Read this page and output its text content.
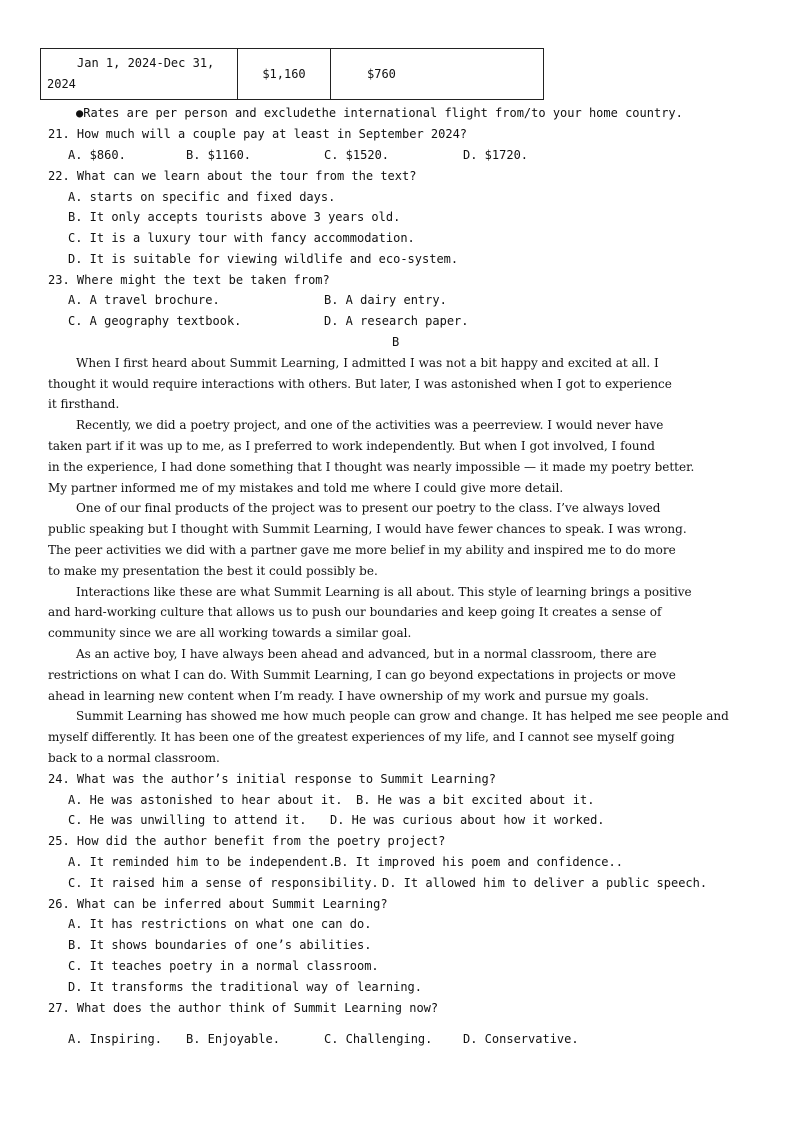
Jan 1, 2024-Dec 31,
2024
	$1,160	$760
●Rates are per person and excludethe international flight from/to your home country.
21. How much will a couple pay at least in September 2024?
A. $860.	B. $1160.	C. $1520.	D. $1720.
22. What can we learn about the tour from the text?
A. starts on specific and fixed days.
B. It only accepts tourists above 3 years old.
C. It is a luxury tour with fancy accommodation.
D. It is suitable for viewing wildlife and eco-system.
23. Where might the text be taken from?
A. A travel brochure.	B. A dairy entry.
C. A geography textbook.	D. A research paper.
B
When I first heard about Summit Learning, I admitted I was not a bit happy and excited at all. I
thought it would require interactions with others. But later, I was astonished when I got to experience
it firsthand.
Recently, we did a poetry project, and one of the activities was a peerreview. I would never have
taken part if it was up to me, as I preferred to work independently. But when I got involved, I found
in the experience, I had done something that I thought was nearly impossible — it made my poetry better.
My partner informed me of my mistakes and told me where I could give more detail.
One of our final products of the project was to present our poetry to the class. I’ve always loved
public speaking but I thought with Summit Learning, I would have fewer chances to speak. I was wrong.
The peer activities we did with a partner gave me more belief in my ability and inspired me to do more
to make my presentation the best it could possibly be.
Interactions like these are what Summit Learning is all about. This style of learning brings a positive
and hard-working culture that allows us to push our boundaries and keep going It creates a sense of
community since we are all working towards a similar goal.
As an active boy, I have always been ahead and advanced, but in a normal classroom, there are
restrictions on what I can do. With Summit Learning, I can go beyond expectations in projects or move
ahead in learning new content when I’m ready. I have ownership of my work and pursue my goals.
Summit Learning has showed me how much people can grow and change. It has helped me see people and
myself differently. It has been one of the greatest experiences of my life, and I cannot see myself going
back to a normal classroom.
24. What was the author’s initial response to Summit Learning?
A. He was astonished to hear about it. B. He was a bit excited about it.
C. He was unwilling to attend it. D. He was curious about how it worked.
25. How did the author benefit from the poetry project?
A. It reminded him to be independent.
B. It improved his poem and confidence..
C. It raised him a sense of responsibility. D. It allowed him to deliver a public speech.
26. What can be inferred about Summit Learning?
A. It has restrictions on what one can do.
B. It shows boundaries of one’s abilities.
C. It teaches poetry in a normal classroom.
D. It transforms the traditional way of learning.
27. What does the author think of Summit Learning now?
A. Inspiring. B. Enjoyable.	C. Challenging.	D. Conservative.
